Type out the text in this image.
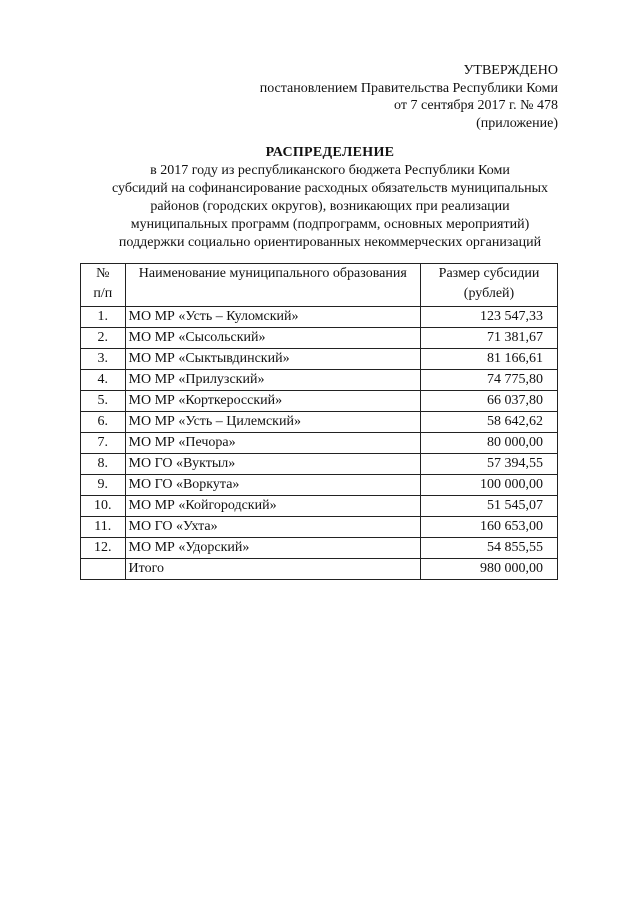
УТВЕРЖДЕНО
постановлением Правительства Республики Коми
от 7 сентября 2017 г. № 478
(приложение)
РАСПРЕДЕЛЕНИЕ
в 2017 году из республиканского бюджета Республики Коми
субсидий на софинансирование расходных обязательств муниципальных
районов (городских округов), возникающих при реализации
муниципальных программ (подпрограмм, основных мероприятий)
поддержки социально ориентированных некоммерческих организаций
№
п/п	Наименование муниципального образования	Размер субсидии
(рублей)

1.	МО МР «Усть – Куломский»	123 547,33
2.	МО МР «Сысольский»	71 381,67
3.	МО МР «Сыктывдинский»	81 166,61
4.	МО МР «Прилузский»	74 775,80
5.	МО МР «Корткеросский»	66 037,80
6.	МО МР «Усть – Цилемский»	58 642,62
7.	МО МР «Печора»	80 000,00
8.	МО ГО «Вуктыл»	57 394,55
9.	МО ГО «Воркута»	100 000,00
10.	МО МР «Койгородский»	51 545,07
11.	МО ГО «Ухта»	160 653,00
12.	МО МР «Удорский»	54 855,55
	Итого	980 000,00
